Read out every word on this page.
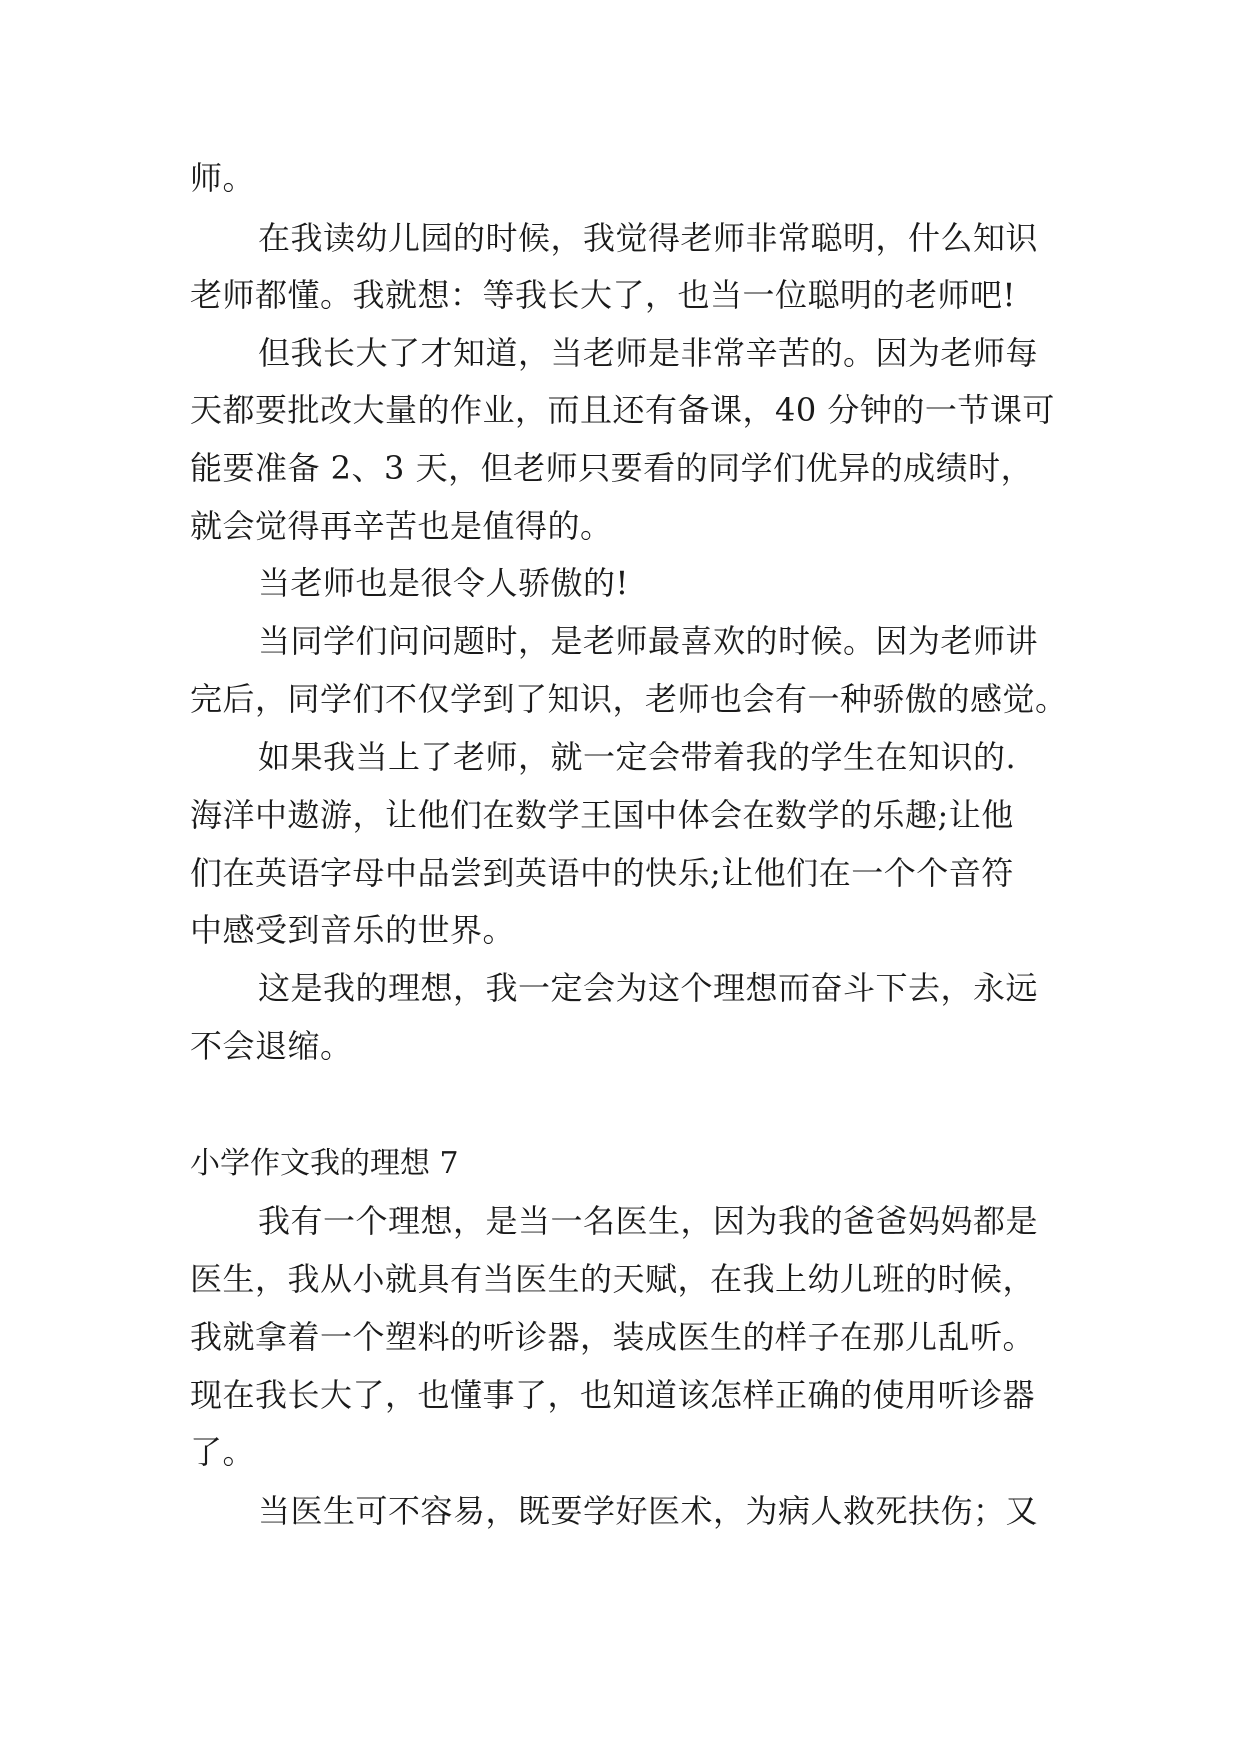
师。
在我读幼儿园的时候，我觉得老师非常聪明，什么知识
老师都懂。我就想：等我长大了，也当一位聪明的老师吧!
但我长大了才知道，当老师是非常辛苦的。因为老师每
天都要批改大量的作业，而且还有备课，40 分钟的一节课可
能要准备 2、3 天，但老师只要看的同学们优异的成绩时，
就会觉得再辛苦也是值得的。
当老师也是很令人骄傲的!
当同学们问问题时，是老师最喜欢的时候。因为老师讲
完后，同学们不仅学到了知识，老师也会有一种骄傲的感觉。
如果我当上了老师，就一定会带着我的学生在知识的.
海洋中遨游，让他们在数学王国中体会在数学的乐趣;让他
们在英语字母中品尝到英语中的快乐;让他们在一个个音符
中感受到音乐的世界。
这是我的理想，我一定会为这个理想而奋斗下去，永远
不会退缩。
小学作文我的理想 7
我有一个理想，是当一名医生，因为我的爸爸妈妈都是
医生，我从小就具有当医生的天赋，在我上幼儿班的时候，
我就拿着一个塑料的听诊器，装成医生的样子在那儿乱听。
现在我长大了，也懂事了，也知道该怎样正确的使用听诊器
了。
当医生可不容易，既要学好医术，为病人救死扶伤；又
